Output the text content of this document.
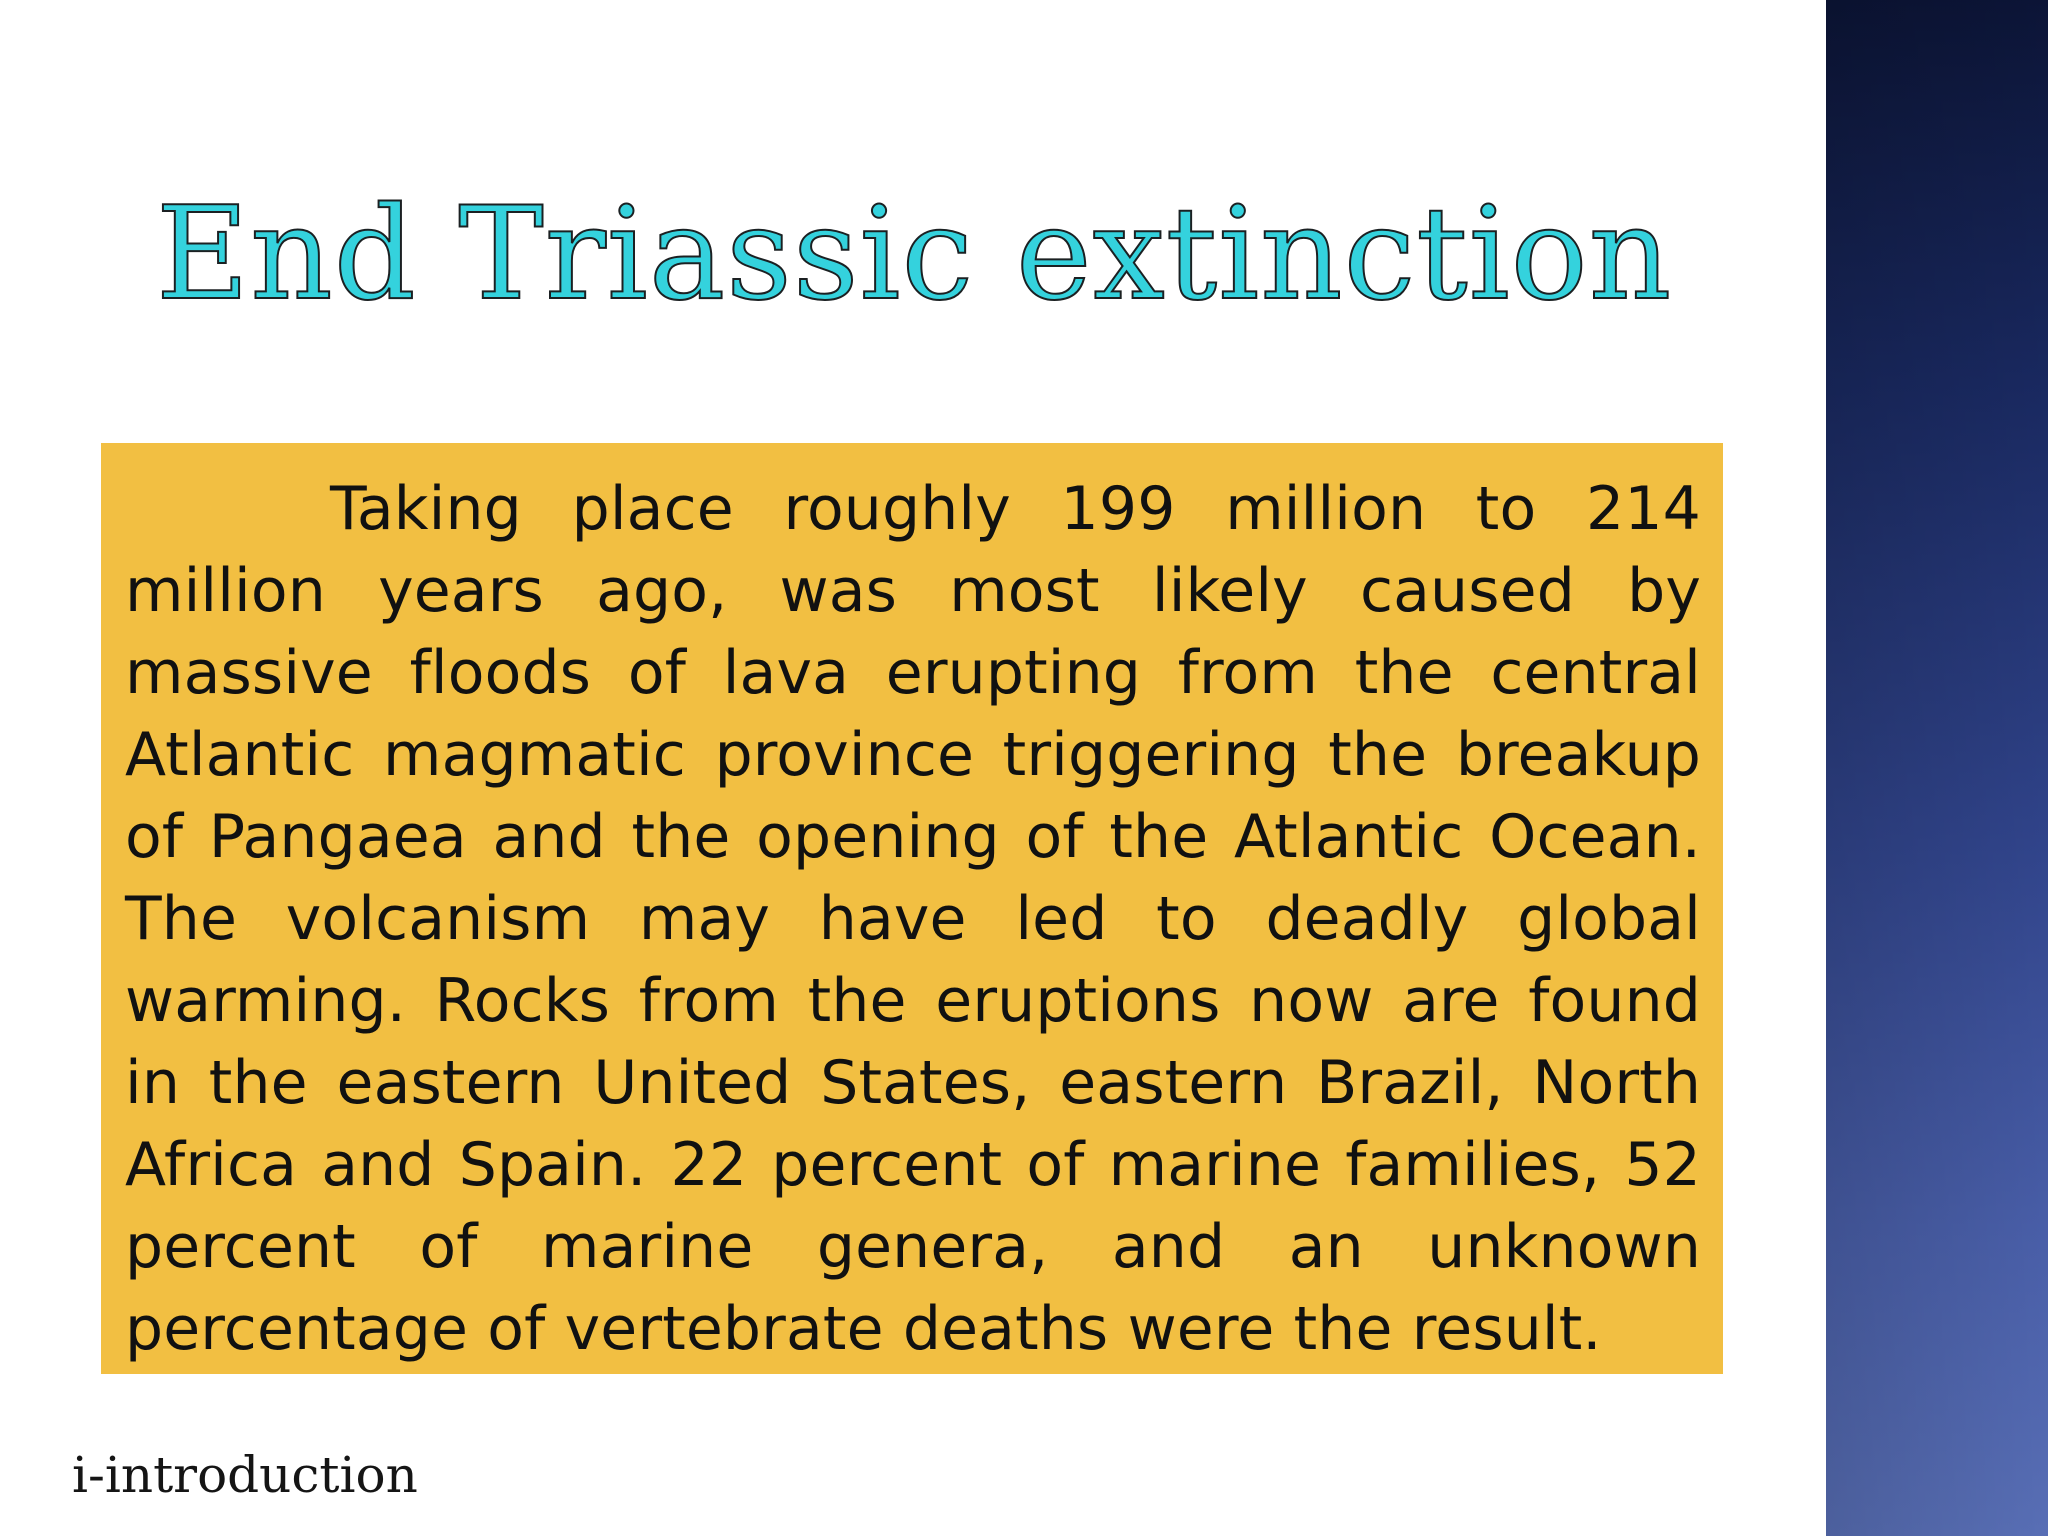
End Triassic extinction

Taking place roughly 199 million to 214 million years ago, was most likely caused by massive floods of lava erupting from the central Atlantic magmatic province triggering the breakup of Pangaea and the opening of the Atlantic Ocean. The volcanism may have led to deadly global warming. Rocks from the eruptions now are found in the eastern United States, eastern Brazil, North Africa and Spain. 22 percent of marine families, 52 percent of marine genera, and an unknown percentage of vertebrate deaths were the result.

i-introduction
